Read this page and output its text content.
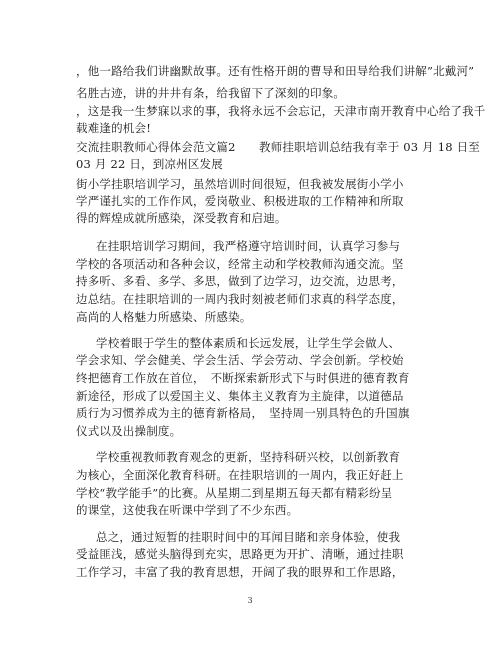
，他一路给我们讲幽默故事。还有性格开朗的曹导和田导给我们讲解”北戴河”
名胜古迹，讲的井井有条，给我留下了深刻的印象。
，这是我一生梦寐以求的事，我将永远不会忘记，天津市南开教育中心给了我千
载难逢的机会!
交流挂职教师心得体会范文篇2　　教师挂职培训总结我有幸于 03 月 18 日至
03 月 22 日，到凉州区发展
街小学挂职培训学习，虽然培训时间很短，但我被发展街小学小
学严谨扎实的工作作风，爱岗敬业、积极进取的工作精神和所取
得的辉煌成就所感染，深受教育和启迪。
在挂职培训学习期间，我严格遵守培训时间，认真学习参与
学校的各项活动和各种会议，经常主动和学校教师沟通交流。坚
持多听、多看、多学、多思，做到了边学习，边交流，边思考，
边总结。在挂职培训的一周内我时刻被老师们求真的科学态度，
高尚的人格魅力所感染、所感染。
学校着眼于学生的整体素质和长远发展，让学生学会做人、
学会求知、学会健美、学会生活、学会劳动、学会创新。学校始
终把德育工作放在首位，　不断探索新形式下与时俱进的德育教育
新途径，形成了以爱国主义、集体主义教育为主旋律，以道德品
质行为习惯养成为主的德育新格局，　坚持周一别具特色的升国旗
仪式以及出操制度。
学校重视教师教育观念的更新，坚持科研兴校，以创新教育
为核心，全面深化教育科研。在挂职培训的一周内，我正好赶上
学校“教学能手”的比赛。从星期二到星期五每天都有精彩纷呈
的课堂，这使我在听课中学到了不少东西。
总之，通过短暂的挂职时间中的耳闻目睹和亲身体验，使我
受益匪浅，感觉头脑得到充实，思路更为开扩、清晰，通过挂职
工作学习，丰富了我的教育思想，开阔了我的眼界和工作思路，
3
